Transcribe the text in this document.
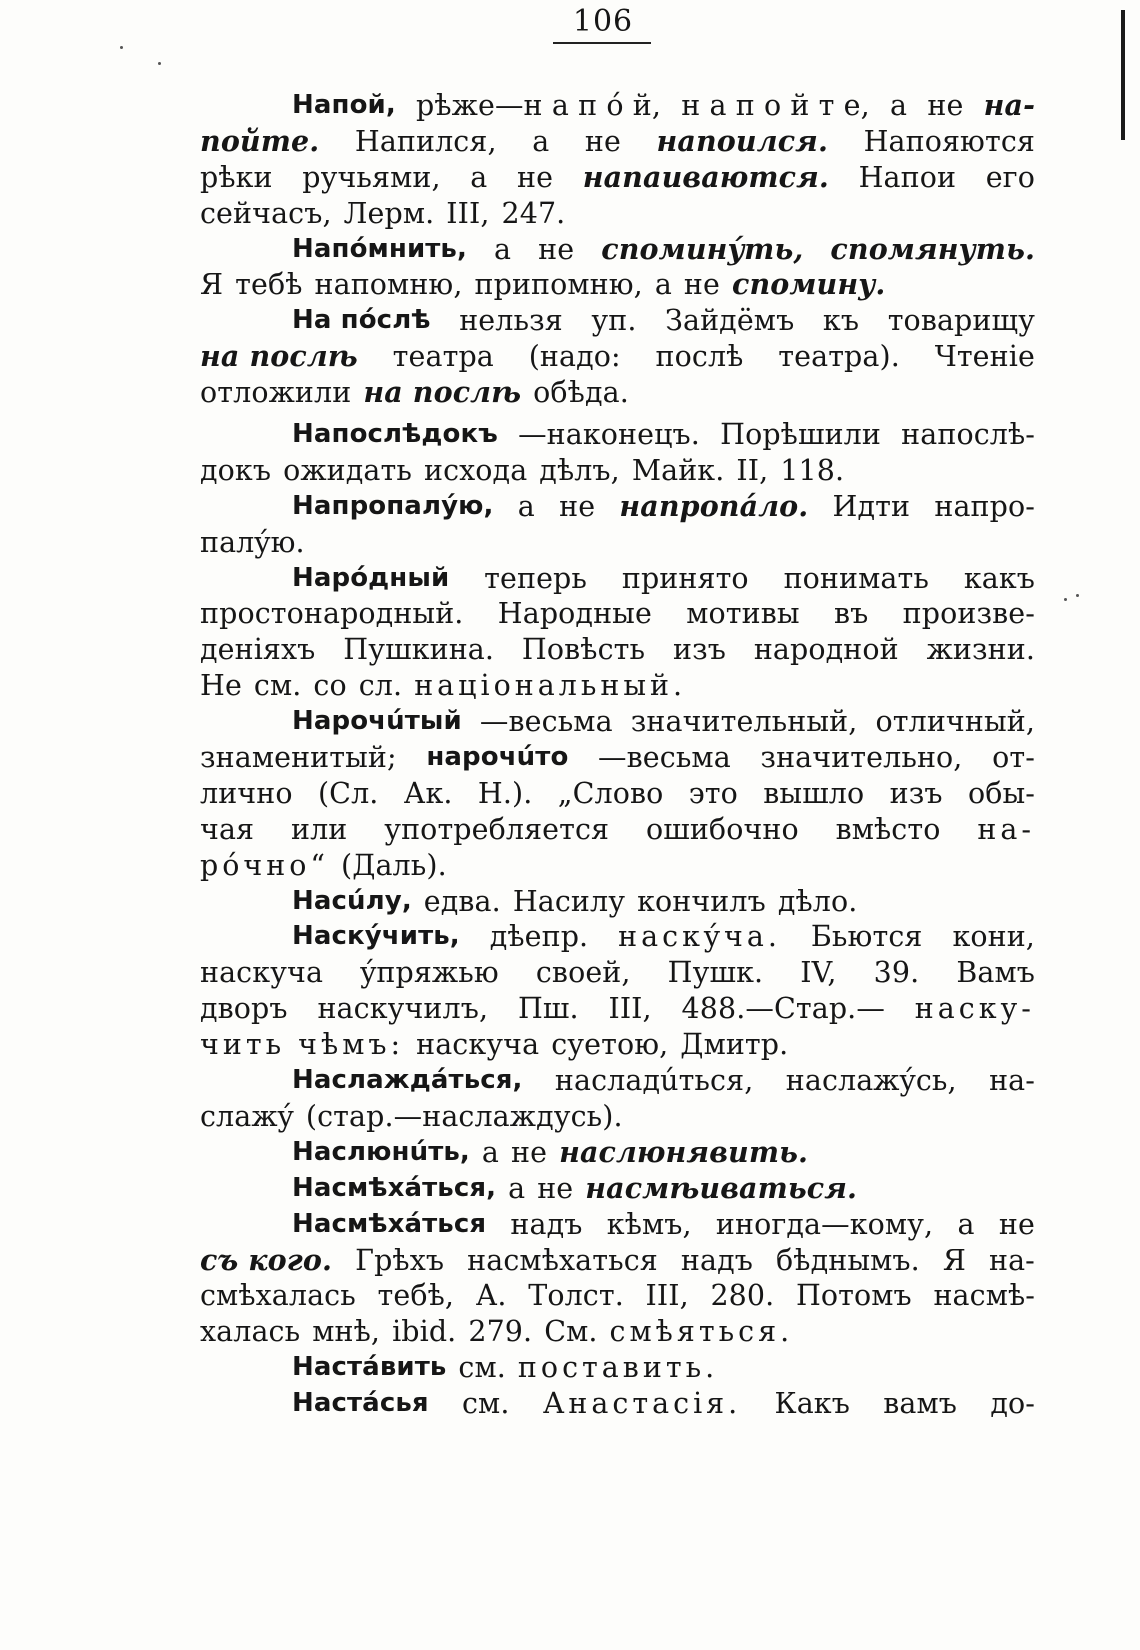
106
Напой, рѣже—н а п ó й, н а п о й т е, а не на-
пойте. Напился, а не напоился. Напояются
рѣки ручьями, а не напаиваются. Напои его
сейчасъ, Лерм. III, 247.
Напóмнить, а не споминýть, спомянуть.
Я тебѣ напомню, припомню, а не спомину.
На пóслѣ нельзя уп. Зайдёмъ къ товарищу
на послѣ театра (надо: послѣ театра). Чтеніе
отложили на послѣ обѣда.
Напослѣдокъ —наконецъ. Порѣшили напослѣ-
докъ ожидать исхода дѣлъ, Майк. II, 118.
Напропалýю, а не напропáло. Идти напро-
палýю.
Нарóдный теперь принято понимать какъ
простонародный. Народные мотивы въ произве-
деніяхъ Пушкина. Повѣсть изъ народной жизни.
Не см. со сл. національный.
Нарочúтый —весьма значительный, отличный,
знаменитый; нарочúто —весьма значительно, от-
лично (Сл. Ак. Н.). „Слово это вышло изъ обы-
чая или употребляется ошибочно вмѣсто на-
рóчно“ (Даль).
Насúлу, едва. Насилу кончилъ дѣло.
Наскýчить, дѣепр. наскýча. Бьются кони,
наскуча ýпряжью своей, Пушк. IV, 39. Вамъ
дворъ наскучилъ, Пш. III, 488.—Стар.— наску-
чить чѣмъ: наскуча суетою, Дмитр.
Наслаждáться, насладúться, наслажýсь, на-
слажý (стар.—наслаждусь).
Наслюнúть, а не наслюнявить.
Насмѣхáться, а не насмѣиваться.
Насмѣхáться надъ кѣмъ, иногда—кому, а не
съ кого. Грѣхъ насмѣхаться надъ бѣднымъ. Я на-
смѣхалась тебѣ, А. Толст. III, 280. Потомъ насмѣ-
халась мнѣ, ibid. 279. См. смѣяться.
Настáвить см. поставить.
Настáсья см. Анастасія. Какъ вамъ до-
